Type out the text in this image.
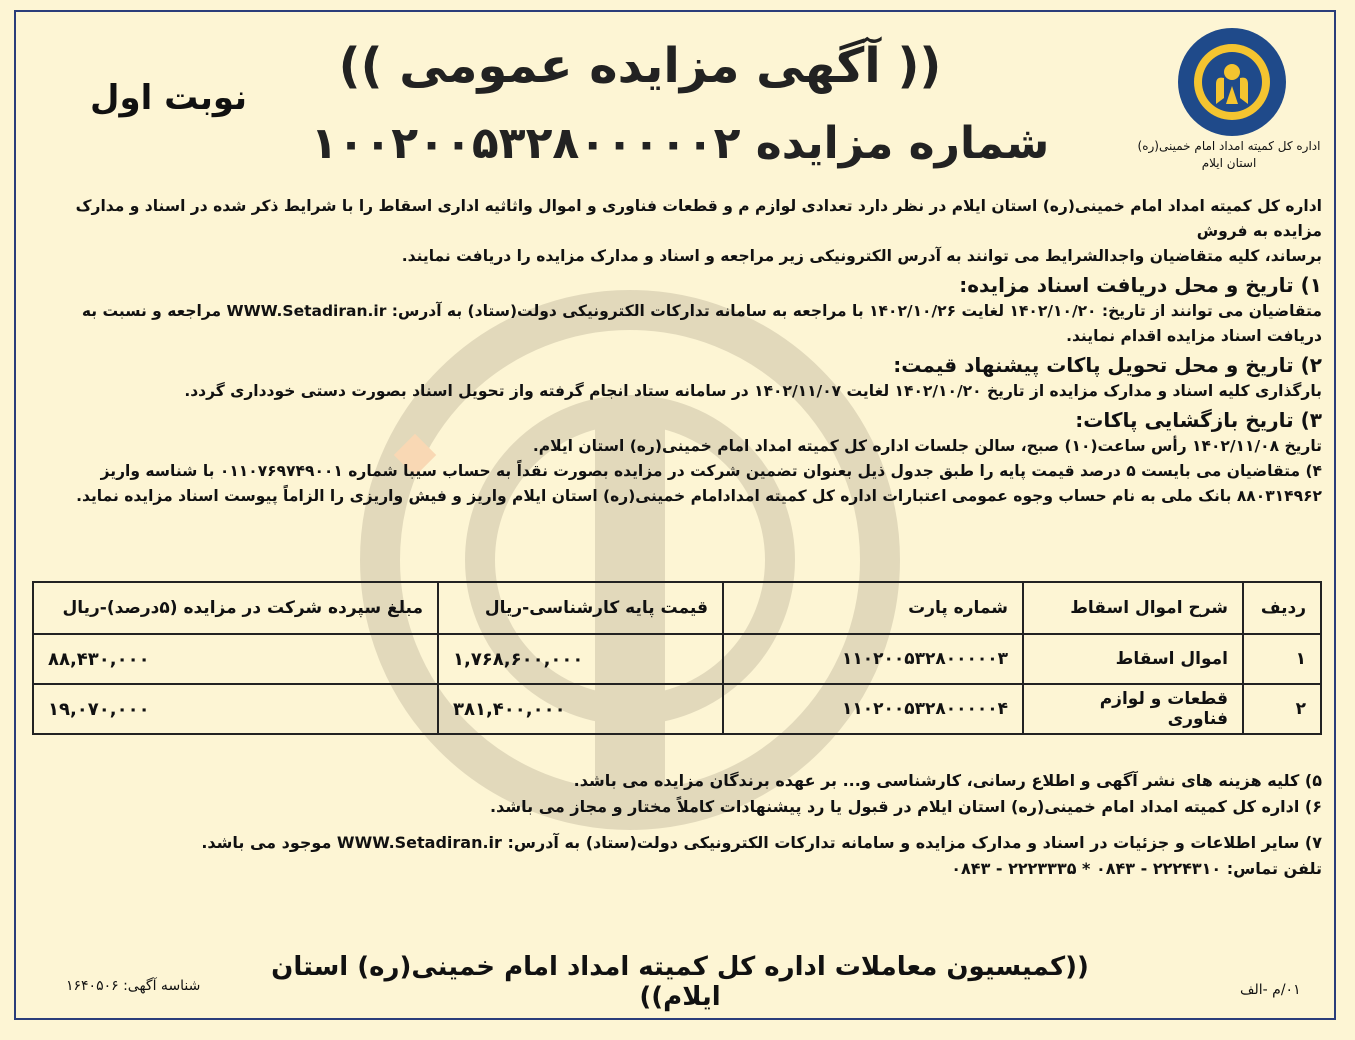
اداره کل کمیته امداد امام خمینی(ره)
استان ایلام
نوبت اول
(( آگهی مزایده عمومی ))
شماره مزایده ۱۰۰۲۰۰۵۳۲۸۰۰۰۰۰۲

اداره کل کمیته امداد امام خمینی(ره) استان ایلام در نظر دارد تعدادی لوازم م و قطعات فناوری و اموال واثاثیه اداری اسقاط را با شرایط ذکر شده در اسناد و مدارک مزایده به فروش

برساند، کلیه متقاضیان واجدالشرایط می توانند به آدرس الکترونیکی زیر مراجعه و اسناد و مدارک مزایده را دریافت نمایند.

۱) تاریخ و محل دریافت اسناد مزایده:

متقاضیان می توانند از تاریخ: ۱۴۰۲/۱۰/۲۰ لغایت ۱۴۰۲/۱۰/۲۶ با مراجعه به سامانه تدارکات الکترونیکی دولت(ستاد) به آدرس: WWW.Setadiran.ir مراجعه و نسبت به

دریافت اسناد مزایده اقدام نمایند.

۲) تاریخ و محل تحویل پاکات پیشنهاد قیمت:

بارگذاری کلیه اسناد و مدارک مزایده از تاریخ ۱۴۰۲/۱۰/۲۰ لغایت ۱۴۰۲/۱۱/۰۷ در سامانه ستاد انجام گرفته واز تحویل اسناد بصورت دستی خودداری گردد.

۳) تاریخ بازگشایی پاکات:

تاریخ ۱۴۰۲/۱۱/۰۸ رأس ساعت(۱۰) صبح، سالن جلسات اداره کل کمیته امداد امام خمینی(ره) استان ایلام.

۴) متقاضیان می بایست ۵ درصد قیمت پایه را طبق جدول ذیل بعنوان تضمین شرکت در مزایده بصورت نقداً به حساب سیبا شماره ۰۱۱۰۷۶۹۷۴۹۰۰۱ با شناسه واریز

۸۸۰۳۱۴۹۶۲ بانک ملی به نام حساب وجوه عمومی اعتبارات اداره کل کمیته امدادامام خمینی(ره) استان ایلام واریز و فیش واریزی را الزاماً پیوست اسناد مزایده نماید.

ردیف	شرح اموال اسقاط	شماره پارت	قیمت پایه کارشناسی-ریال	مبلغ سپرده شرکت در مزایده (۵درصد)-ریال
۱	اموال اسقاط	۱۱۰۲۰۰۵۳۲۸۰۰۰۰۰۳	۱,۷۶۸,۶۰۰,۰۰۰	۸۸,۴۳۰,۰۰۰
۲	قطعات و لوازم فناوری	۱۱۰۲۰۰۵۳۲۸۰۰۰۰۰۴	۳۸۱,۴۰۰,۰۰۰	۱۹,۰۷۰,۰۰۰

۵) کلیه هزینه های نشر آگهی و اطلاع رسانی، کارشناسی و... بر عهده برندگان مزایده می باشد.

۶) اداره کل کمیته امداد امام خمینی(ره) استان ایلام در قبول یا رد پیشنهادات کاملاً مختار و مجاز می باشد.

۷) سایر اطلاعات و جزئیات در اسناد و مدارک مزایده و سامانه تدارکات الکترونیکی دولت(ستاد) به آدرس: WWW.Setadiran.ir موجود می باشد.

تلفن تماس: ۲۲۲۴۳۱۰ - ۰۸۴۳ * ۲۲۲۳۳۳۵ - ۰۸۴۳

((کمیسیون معاملات اداره کل کمیته امداد امام خمینی(ره) استان ایلام))
شناسه آگهی: ۱۶۴۰۵۰۶	۰۱/م -الف
